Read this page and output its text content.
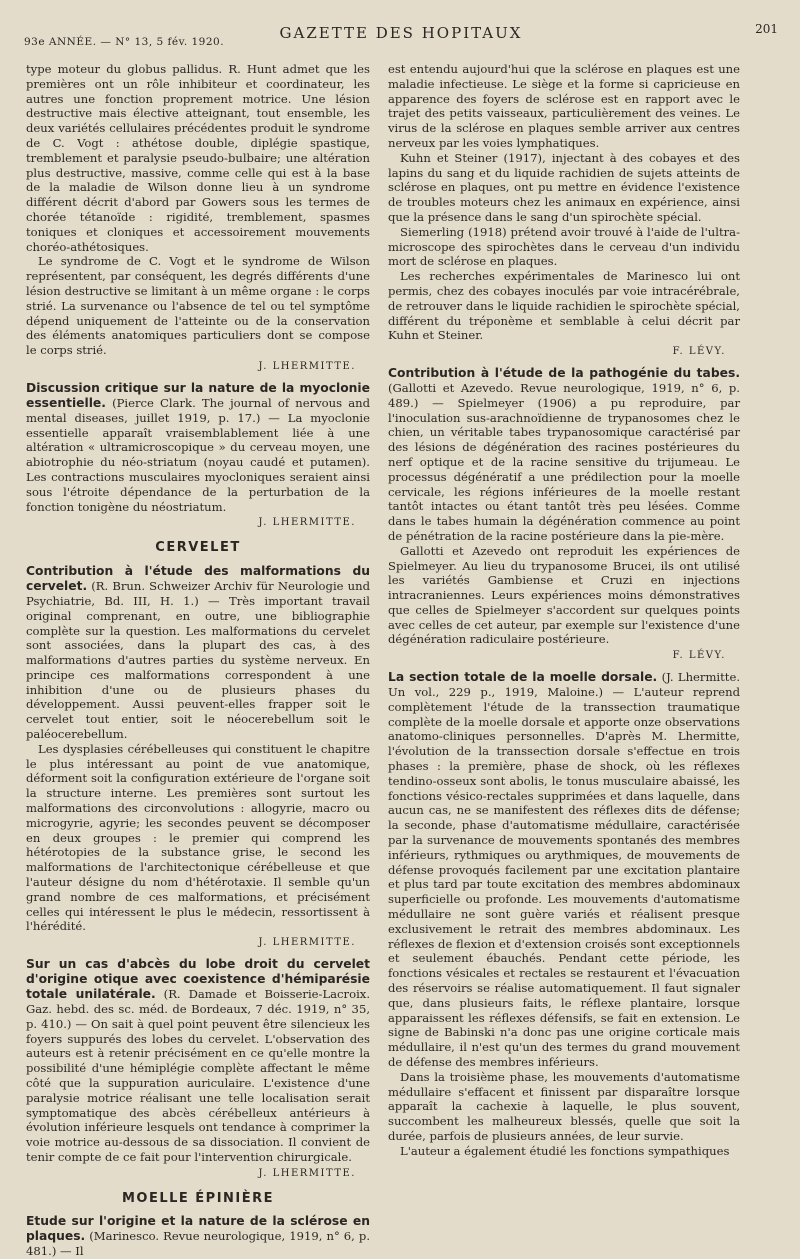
93e ANNÉE. — N° 13, 5 fév. 1920.	GAZETTE DES HOPITAUX	201

type moteur du globus pallidus. R. Hunt admet que les premières ont un rôle inhibiteur et coordinateur, les autres une fonction proprement motrice. Une lésion destructive mais élective atteignant, tout ensemble, les deux variétés cellulaires précédentes produit le syndrome de C. Vogt : athétose double, diplégie spastique, tremblement et paralysie pseudo-bulbaire; une altération plus destructive, massive, comme celle qui est à la base de la maladie de Wilson donne lieu à un syndrome différent décrit d'abord par Gowers sous les termes de chorée tétanoïde : rigidité, tremblement, spasmes toniques et cloniques et accessoirement mouvements choréo-athétosiques.

Le syndrome de C. Vogt et le syndrome de Wilson représentent, par conséquent, les degrés différents d'une lésion destructive se limitant à un même organe : le corps strié. La survenance ou l'absence de tel ou tel symptôme dépend uniquement de l'atteinte ou de la conservation des éléments anatomiques particuliers dont se compose le corps strié.

J. LHERMITTE.

Discussion critique sur la nature de la myoclonie essentielle. (Pierce Clark. The journal of nervous and mental diseases, juillet 1919, p. 17.) — La myoclonie essentielle apparaît vraisemblablement liée à une altération « ultramicroscopique » du cerveau moyen, une abiotrophie du néo-striatum (noyau caudé et putamen). Les contractions musculaires myocloniques seraient ainsi sous l'étroite dépendance de la perturbation de la fonction tonigène du néostriatum.

J. LHERMITTE.
CERVELET

Contribution à l'étude des malformations du cervelet. (R. Brun. Schweizer Archiv für Neurologie und Psychiatrie, Bd. III, H. 1.) — Très important travail original comprenant, en outre, une bibliographie complète sur la question. Les malformations du cervelet sont associées, dans la plupart des cas, à des malformations d'autres parties du système nerveux. En principe ces malformations correspondent à une inhibition d'une ou de plusieurs phases du développement. Aussi peuvent-elles frapper soit le cervelet tout entier, soit le néocerebellum soit le paléocerebellum.

Les dysplasies cérébelleuses qui constituent le chapitre le plus intéressant au point de vue anatomique, déforment soit la configuration extérieure de l'organe soit la structure interne. Les premières sont surtout les malformations des circonvolutions : allogyrie, macro ou microgyrie, agyrie; les secondes peuvent se décomposer en deux groupes : le premier qui comprend les hétérotopies de la substance grise, le second les malformations de l'architectonique cérébelleuse et que l'auteur désigne du nom d'hétérotaxie. Il semble qu'un grand nombre de ces malformations, et précisément celles qui intéressent le plus le médecin, ressortissent à l'hérédité.

J. LHERMITTE.

Sur un cas d'abcès du lobe droit du cervelet d'origine otique avec coexistence d'hémiparésie totale unilatérale. (R. Damade et Boisserie-Lacroix. Gaz. hebd. des sc. méd. de Bordeaux, 7 déc. 1919, n° 35, p. 410.) — On sait à quel point peuvent être silencieux les foyers suppurés des lobes du cervelet. L'observation des auteurs est à retenir précisément en ce qu'elle montre la possibilité d'une hémiplégie complète affectant le même côté que la suppuration auriculaire. L'existence d'une paralysie motrice réalisant une telle localisation serait symptomatique des abcès cérébelleux antérieurs à évolution inférieure lesquels ont tendance à comprimer la voie motrice au-dessous de sa dissociation. Il convient de tenir compte de ce fait pour l'intervention chirurgicale.

J. LHERMITTE.
MOELLE ÉPINIÈRE

Etude sur l'origine et la nature de la sclérose en plaques. (Marinesco. Revue neurologique, 1919, n° 6, p. 481.) — Il

est entendu aujourd'hui que la sclérose en plaques est une maladie infectieuse. Le siège et la forme si capricieuse en apparence des foyers de sclérose est en rapport avec le trajet des petits vaisseaux, particulièrement des veines. Le virus de la sclérose en plaques semble arriver aux centres nerveux par les voies lymphatiques.

Kuhn et Steiner (1917), injectant à des cobayes et des lapins du sang et du liquide rachidien de sujets atteints de sclérose en plaques, ont pu mettre en évidence l'existence de troubles moteurs chez les animaux en expérience, ainsi que la présence dans le sang d'un spirochète spécial.

Siemerling (1918) prétend avoir trouvé à l'aide de l'ultra-microscope des spirochètes dans le cerveau d'un individu mort de sclérose en plaques.

Les recherches expérimentales de Marinesco lui ont permis, chez des cobayes inoculés par voie intracérébrale, de retrouver dans le liquide rachidien le spirochète spécial, différent du tréponème et semblable à celui décrit par Kuhn et Steiner.

F. LÉVY.

Contribution à l'étude de la pathogénie du tabes. (Gallotti et Azevedo. Revue neurologique, 1919, n° 6, p. 489.) — Spielmeyer (1906) a pu reproduire, par l'inoculation sus-arachnoïdienne de trypanosomes chez le chien, un véritable tabes trypanosomique caractérisé par des lésions de dégénération des racines postérieures du nerf optique et de la racine sensitive du trijumeau. Le processus dégénératif a une prédilection pour la moelle cervicale, les régions inférieures de la moelle restant tantôt intactes ou étant tantôt très peu lésées. Comme dans le tabes humain la dégénération commence au point de pénétration de la racine postérieure dans la pie-mère.

Gallotti et Azevedo ont reproduit les expériences de Spielmeyer. Au lieu du trypanosome Brucei, ils ont utilisé les variétés Gambiense et Cruzi en injections intracraniennes. Leurs expériences moins démonstratives que celles de Spielmeyer s'accordent sur quelques points avec celles de cet auteur, par exemple sur l'existence d'une dégénération radiculaire postérieure.

F. LÉVY.

La section totale de la moelle dorsale. (J. Lhermitte. Un vol., 229 p., 1919, Maloine.) — L'auteur reprend complètement l'étude de la transsection traumatique complète de la moelle dorsale et apporte onze observations anatomo-cliniques personnelles. D'après M. Lhermitte, l'évolution de la transsection dorsale s'effectue en trois phases : la première, phase de shock, où les réflexes tendino-osseux sont abolis, le tonus musculaire abaissé, les fonctions vésico-rectales supprimées et dans laquelle, dans aucun cas, ne se manifestent des réflexes dits de défense; la seconde, phase d'automatisme médullaire, caractérisée par la survenance de mouvements spontanés des membres inférieurs, rythmiques ou arythmiques, de mouvements de défense provoqués facilement par une excitation plantaire et plus tard par toute excitation des membres abdominaux superficielle ou profonde. Les mouvements d'automatisme médullaire ne sont guère variés et réalisent presque exclusivement le retrait des membres abdominaux. Les réflexes de flexion et d'extension croisés sont exceptionnels et seulement ébauchés. Pendant cette période, les fonctions vésicales et rectales se restaurent et l'évacuation des réservoirs se réalise automatiquement. Il faut signaler que, dans plusieurs faits, le réflexe plantaire, lorsque apparaissent les réflexes défensifs, se fait en extension. Le signe de Babinski n'a donc pas une origine corticale mais médullaire, il n'est qu'un des termes du grand mouvement de défense des membres inférieurs.

Dans la troisième phase, les mouvements d'automatisme médullaire s'effacent et finissent par disparaître lorsque apparaît la cachexie à laquelle, le plus souvent, succombent les malheureux blessés, quelle que soit la durée, parfois de plusieurs années, de leur survie.

L'auteur a également étudié les fonctions sympathiques
